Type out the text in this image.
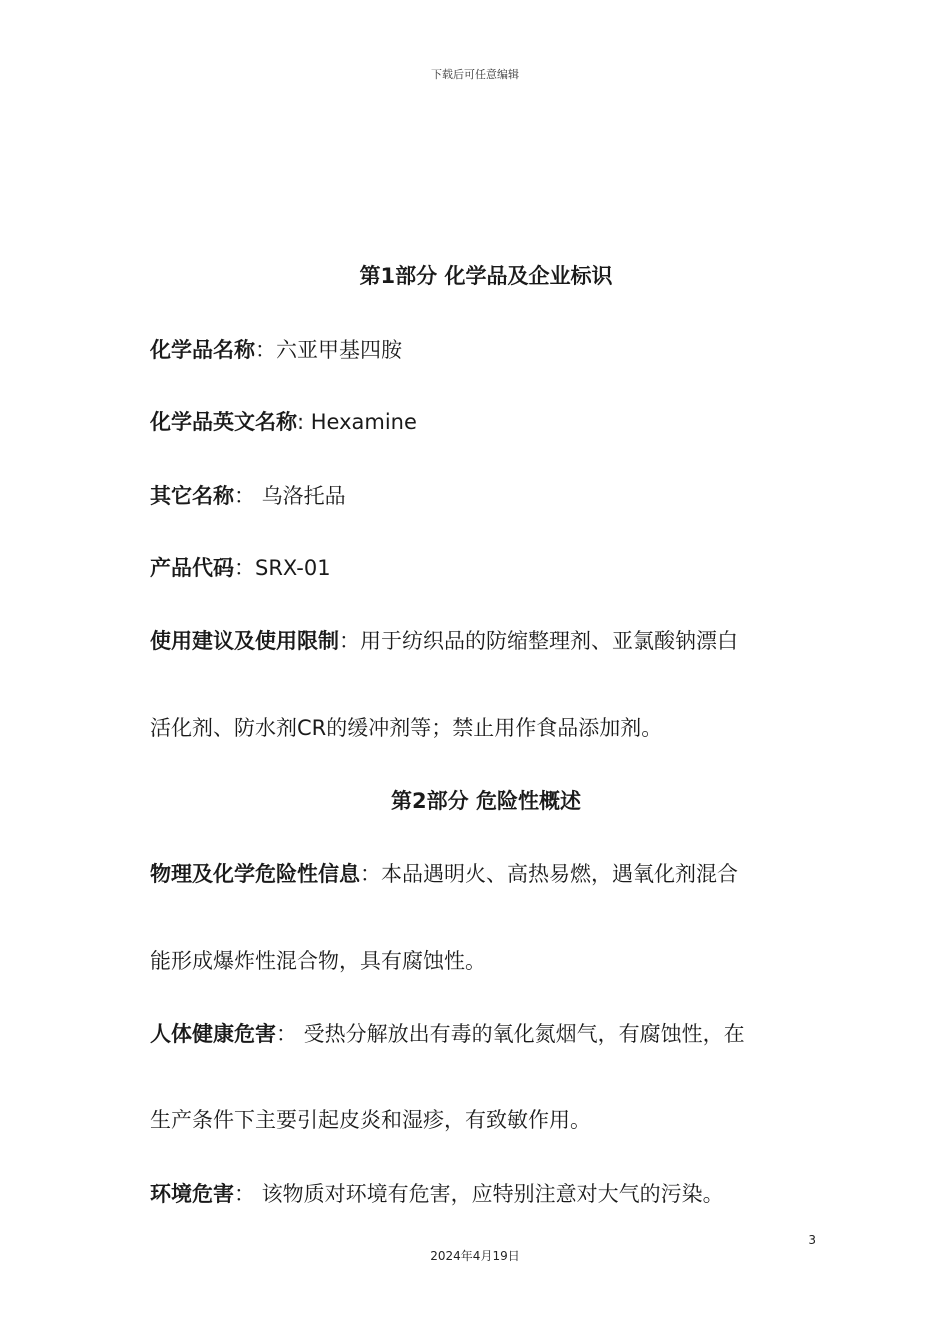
下载后可任意编辑
第1部分 化学品及企业标识
化学品名称：六亚甲基四胺
化学品英文名称: Hexamine
其它名称： 乌洛托品
产品代码：SRX-01
使用建议及使用限制：用于纺织品的防缩整理剂、亚氯酸钠漂白
活化剂、防水剂CR的缓冲剂等；禁止用作食品添加剂。
第2部分 危险性概述
物理及化学危险性信息：本品遇明火、高热易燃，遇氧化剂混合
能形成爆炸性混合物，具有腐蚀性。
人体健康危害： 受热分解放出有毒的氧化氮烟气，有腐蚀性，在
生产条件下主要引起皮炎和湿疹，有致敏作用。
环境危害： 该物质对环境有危害，应特别注意对大气的污染。
3
2024年4月19日
